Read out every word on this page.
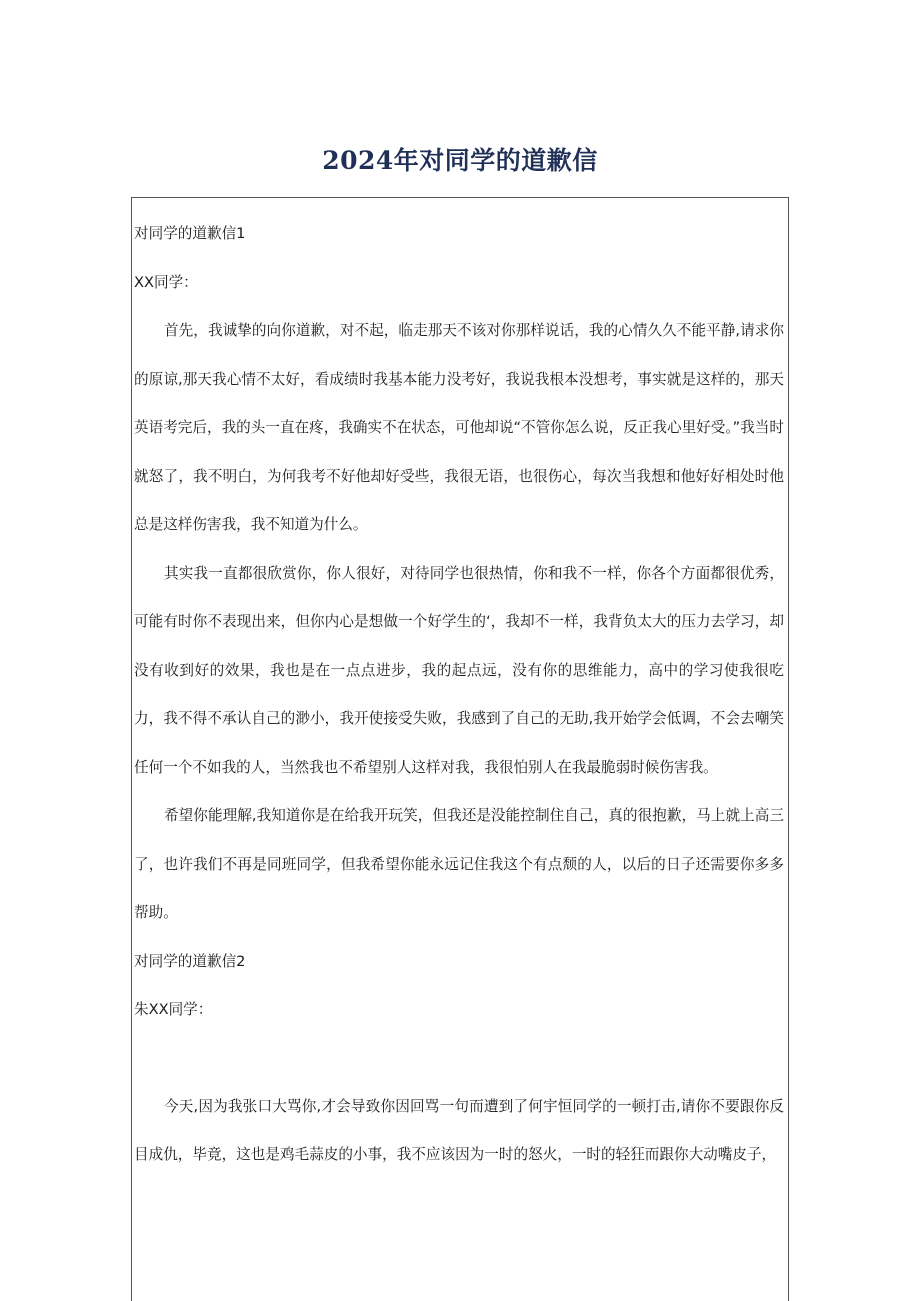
2024年对同学的道歉信

对同学的道歉信1

XX同学：

首先，我诚挚的向你道歉，对不起，临走那天不该对你那样说话，我的心情久久不能平静,请求你的原谅,那天我心情不太好，看成绩时我基本能力没考好，我说我根本没想考，事实就是这样的，那天英语考完后，我的头一直在疼，我确实不在状态，可他却说“不管你怎么说，反正我心里好受。”我当时就怒了，我不明白，为何我考不好他却好受些，我很无语，也很伤心，每次当我想和他好好相处时他总是这样伤害我，我不知道为什么。

其实我一直都很欣赏你，你人很好，对待同学也很热情，你和我不一样，你各个方面都很优秀，可能有时你不表现出来，但你内心是想做一个好学生的‘，我却不一样，我背负太大的压力去学习，却没有收到好的效果，我也是在一点点进步，我的起点远，没有你的思维能力，高中的学习使我很吃力，我不得不承认自己的渺小，我开使接受失败，我感到了自己的无助,我开始学会低调，不会去嘲笑任何一个不如我的人，当然我也不希望别人这样对我，我很怕别人在我最脆弱时候伤害我。

希望你能理解,我知道你是在给我开玩笑，但我还是没能控制住自己，真的很抱歉，马上就上高三了，也许我们不再是同班同学，但我希望你能永远记住我这个有点颓的人，以后的日子还需要你多多帮助。

对同学的道歉信2

朱XX同学：

今天,因为我张口大骂你,才会导致你因回骂一句而遭到了何宇恒同学的一顿打击,请你不要跟你反目成仇，毕竟，这也是鸡毛蒜皮的小事，我不应该因为一时的怒火，一时的轻狂而跟你大动嘴皮子，
